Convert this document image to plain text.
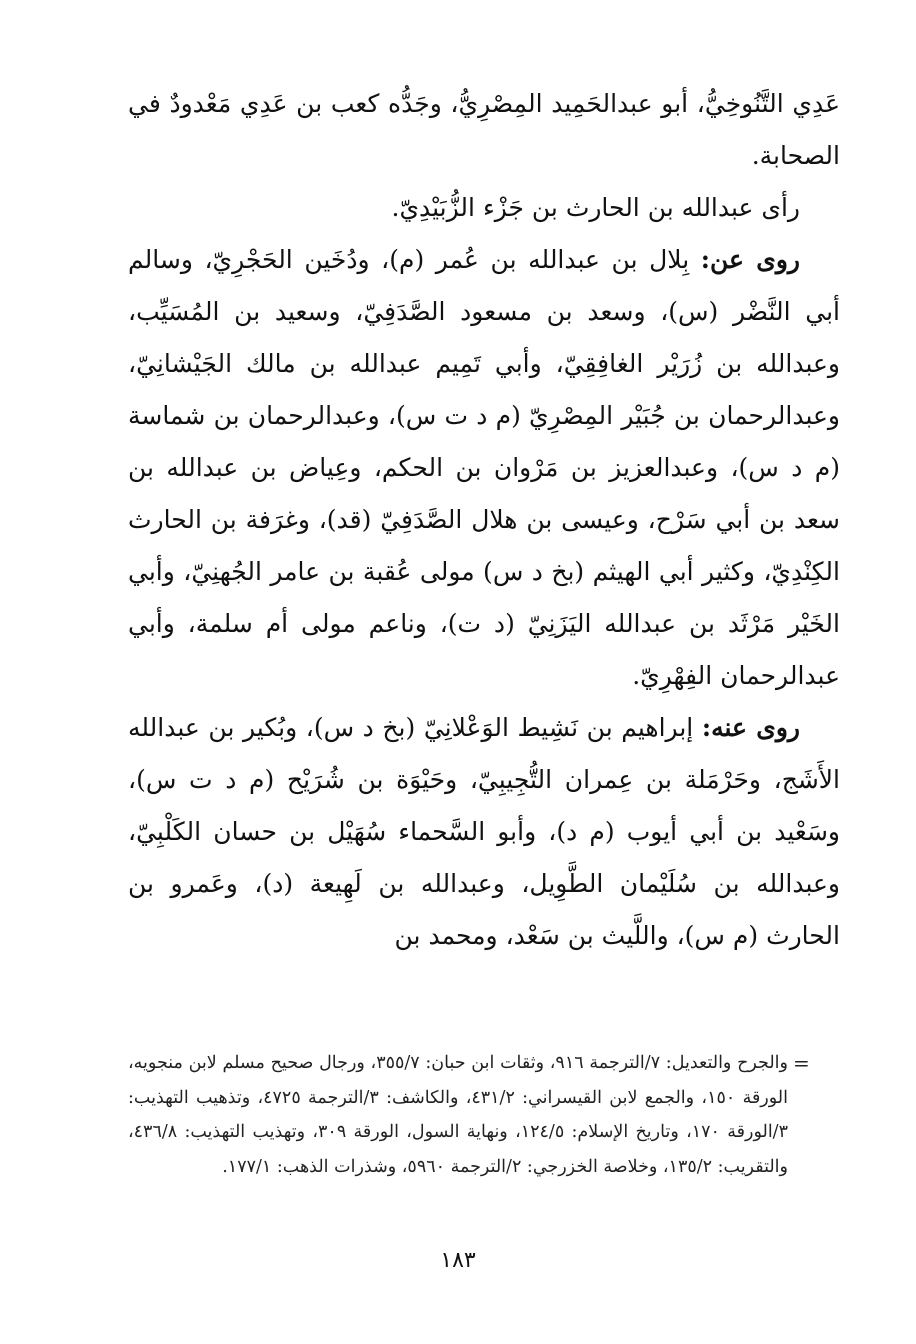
عَدِي التَّنُوخِيُّ، أبو عبدالحَمِيد المِصْرِيُّ، وجَدُّه كعب بن عَدِي مَعْدودٌ في الصحابة.

رأى عبدالله بن الحارث بن جَزْء الزُّبَيْدِيّ.

روى عن: بِلال بن عبدالله بن عُمر (م)، ودُخَين الحَجْرِيّ، وسالم أبي النَّضْر (س)، وسعد بن مسعود الصَّدَفِيّ، وسعيد بن المُسَيِّب، وعبدالله بن زُرَيْر الغافِقِيّ، وأبي تَمِيم عبدالله بن مالك الجَيْشانِيّ، وعبدالرحمان بن جُبَيْر المِصْرِيّ (م د ت س)، وعبدالرحمان بن شماسة (م د س)، وعبدالعزيز بن مَرْوان بن الحكم، وعِياض بن عبدالله بن سعد بن أبي سَرْح، وعيسى بن هلال الصَّدَفِيّ (قد)، وغرَفة بن الحارث الكِنْدِيّ، وكثير أبي الهيثم (بخ د س) مولى عُقبة بن عامر الجُهنِيّ، وأبي الخَيْر مَرْثَد بن عبدالله اليَزَنِيّ (د ت)، وناعم مولى أم سلمة، وأبي عبدالرحمان الفِهْرِيّ.

روى عنه: إبراهيم بن نَشِيط الوَعْلانِيّ (بخ د س)، وبُكير بن عبدالله الأَشَج، وحَرْمَلة بن عِمران التُّجِيبِيّ، وحَيْوَة بن شُرَيْح (م د ت س)، وسَعْيد بن أبي أيوب (م د)، وأبو السَّحماء سُهَيْل بن حسان الكَلْبِيّ، وعبدالله بن سُلَيْمان الطَّوِيل، وعبدالله بن لَهِيعة (د)، وعَمرو بن الحارث (م س)، واللَّيث بن سَعْد، ومحمد بن

=
والجرح والتعديل: ٧/الترجمة ٩١٦، وثقات ابن حبان: ٣٥٥/٧، ورجال صحيح مسلم لابن منجويه، الورقة ١٥٠، والجمع لابن القيسراني: ٤٣١/٢، والكاشف: ٣/الترجمة ٤٧٢٥، وتذهيب التهذيب: ٣/الورقة ١٧٠، وتاريخ الإسلام: ١٢٤/٥، ونهاية السول، الورقة ٣٠٩، وتهذيب التهذيب: ٤٣٦/٨، والتقريب: ١٣٥/٢، وخلاصة الخزرجي: ٢/الترجمة ٥٩٦٠، وشذرات الذهب: ١٧٧/١.
١٨٣
